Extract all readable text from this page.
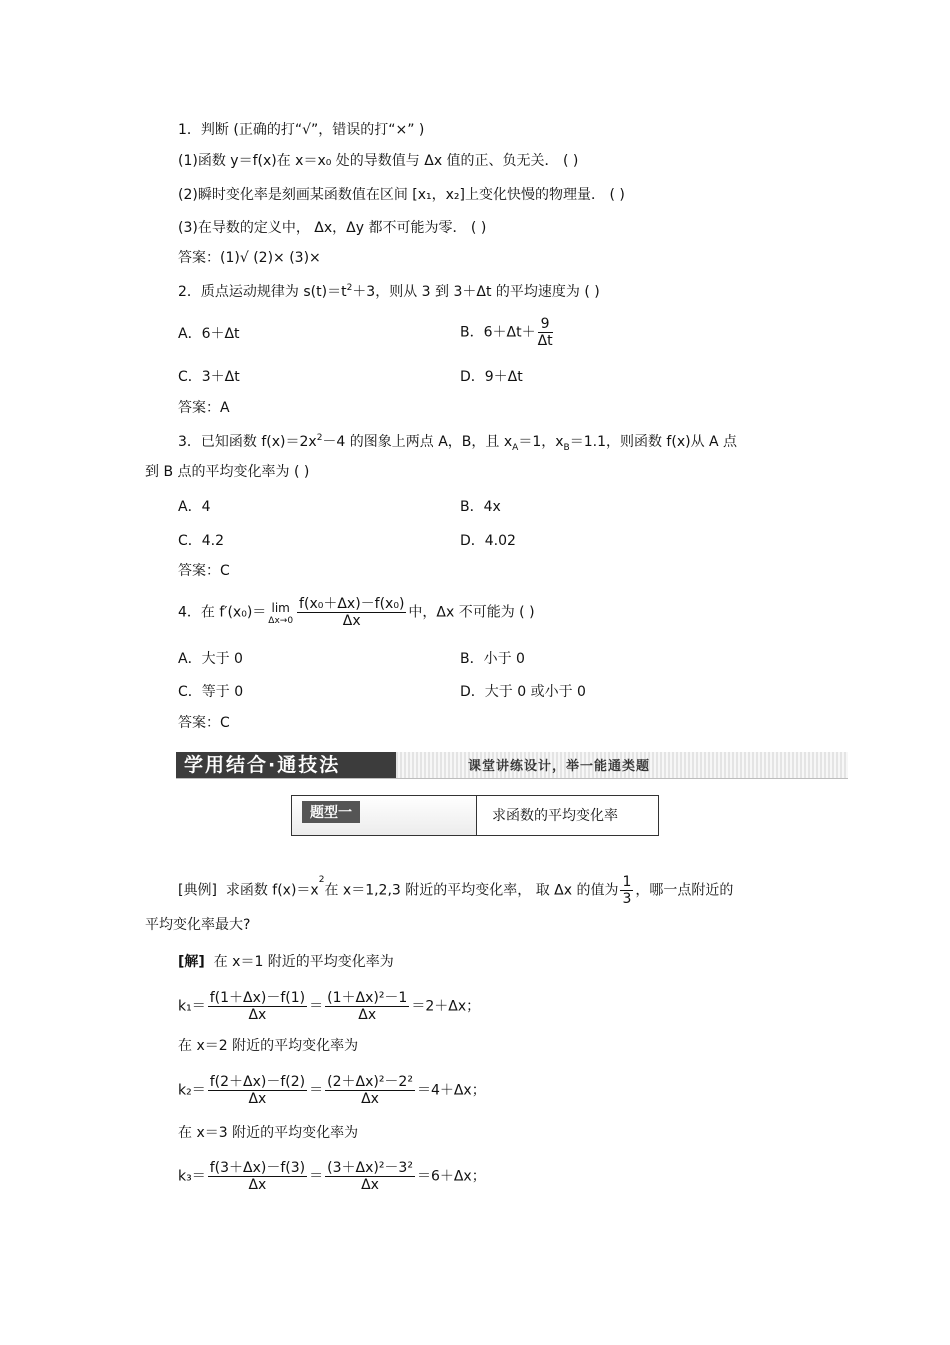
1．判断 (正确的打“√”，错误的打“×” )
(1)函数 y＝f(x)在 x＝x₀ 处的导数值与 Δx 值的正、负无关． ( )
(2)瞬时变化率是刻画某函数值在区间 [x₁，x₂]上变化快慢的物理量． ( )
(3)在导数的定义中， Δx，Δy 都不可能为零． ( )
答案：(1)√ (2)× (3)×
2．质点运动规律为 $s(t)=t^2+3$，则从 3 到 3＋Δt 的平均速度为 ( )
A．6＋Δt	B．$6+\Delta t+ \frac{9}{\Delta t}$
C．3＋Δt	D．9＋Δt
答案：A
3．已知函数 $f(x)=2x^2-4$ 的图象上两点 A，B，且 $x_A=1$，$x_B=1.1$，则函数 f(x)从 A 点
到 B 点的平均变化率为 ( )
A．4	B．4x
C．4.2	D．4.02
答案：C
4．在 f′(x₀)＝ lim
$\Delta x\to 0 \frac{\text{f(x₀＋Δx)－f(x₀)}}{\Delta x}$ 中，Δx 不可能为 ( )
A．大于 0	B．小于 0
C．等于 0	D．大于 0 或小于 0
答案：C
学用结合·通技法	课堂讲练设计，举一能通类题
题型一	求函数的平均变化率
[典例] 求函数 $f(x)=x^2$在 x＝1,2,3 附近的平均变化率， 取 Δx 的值为 $\frac{1}{3}$ ，哪一点附近的
平均变化率最大?
[解] 在 x＝1 附近的平均变化率为
$k_1= \frac{f(1+\Delta x)-f(1)}{\Delta x} = \frac{\text{(1＋Δx)²－1}}{\Delta x} =2+\Delta x$；
在 x＝2 附近的平均变化率为
$k_2= \frac{f(2+\Delta x)-f(2)}{\Delta x} = \frac{\text{(2＋Δx)²－2²}}{\Delta x} =4+\Delta x$；
在 x＝3 附近的平均变化率为
$k_3= \frac{f(3+\Delta x)-f(3)}{\Delta x} = \frac{\text{(3＋Δx)²－3²}}{\Delta x} =6+\Delta x$；
